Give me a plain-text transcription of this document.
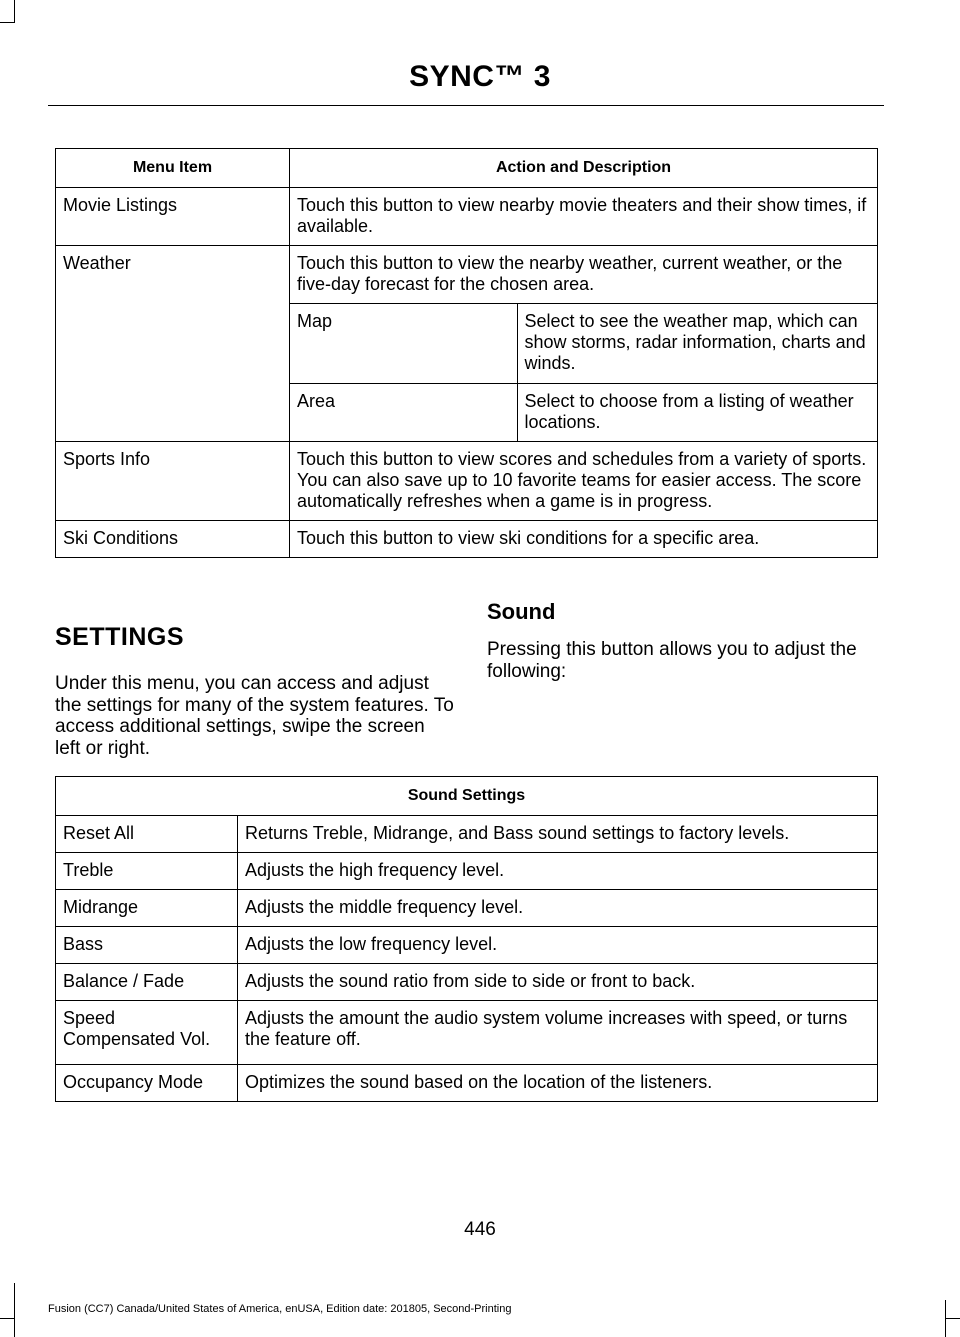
SYNC™ 3
Menu Item	Action and Description
Movie Listings	Touch this button to view nearby movie theaters and their show times, if available.
Weather	Touch this button to view the nearby weather, current weather, or the five-day forecast for the chosen area.

Map	Select to see the weather map, which can show storms, radar information, charts and winds.
Area	Select to choose from a listing of weather locations.

Sports Info	Touch this button to view scores and schedules from a variety of sports. You can also save up to 10 favorite teams for easier access. The score automatically refreshes when a game is in progress.
Ski Conditions	Touch this button to view ski conditions for a specific area.
SETTINGS

Under this menu, you can access and adjust the settings for many of the system features. To access additional settings, swipe the screen left or right.

Sound

Pressing this button allows you to adjust the following:

Sound Settings	
Reset All	Returns Treble, Midrange, and Bass sound settings to factory levels.
Treble	Adjusts the high frequency level.
Midrange	Adjusts the middle frequency level.
Bass	Adjusts the low frequency level.
Balance / Fade	Adjusts the sound ratio from side to side or front to back.
Speed Compensated Vol.	Adjusts the amount the audio system volume increases with speed, or turns the feature off.
Occupancy Mode	Optimizes the sound based on the location of the listeners.
446
Fusion (CC7) Canada/United States of America, enUSA, Edition date: 201805, Second-Printing
